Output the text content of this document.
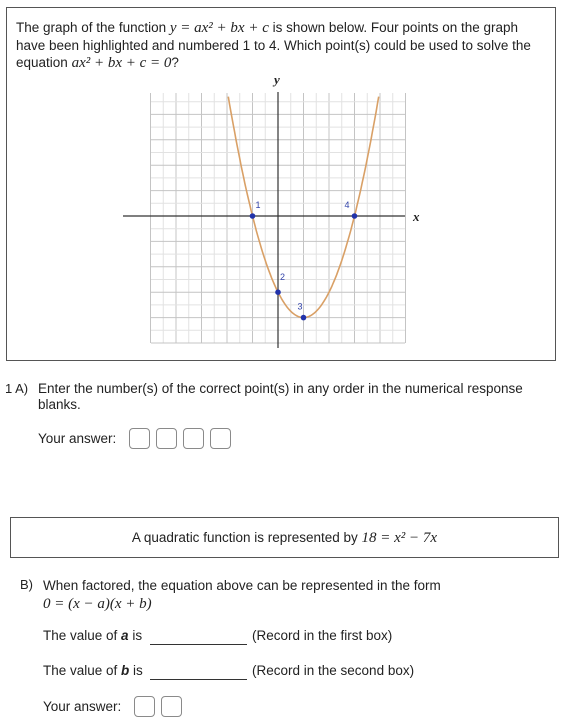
The graph of the function y = ax² + bx + c is shown below. Four points on the graph have been highlighted and numbered 1 to 4. Which point(s) could be used to solve the equation ax² + bx + c = 0?
x
y
1
2
3
4
1 A) Enter the number(s) of the correct point(s) in any order in the numerical response blanks.
Your answer:
A quadratic function is represented by 18 = x² − 7x
B) When factored, the equation above can be represented in the form
0 = (x − a)(x + b)
The value of a is	(Record in the first box)
The value of b is	(Record in the second box)
Your answer:
